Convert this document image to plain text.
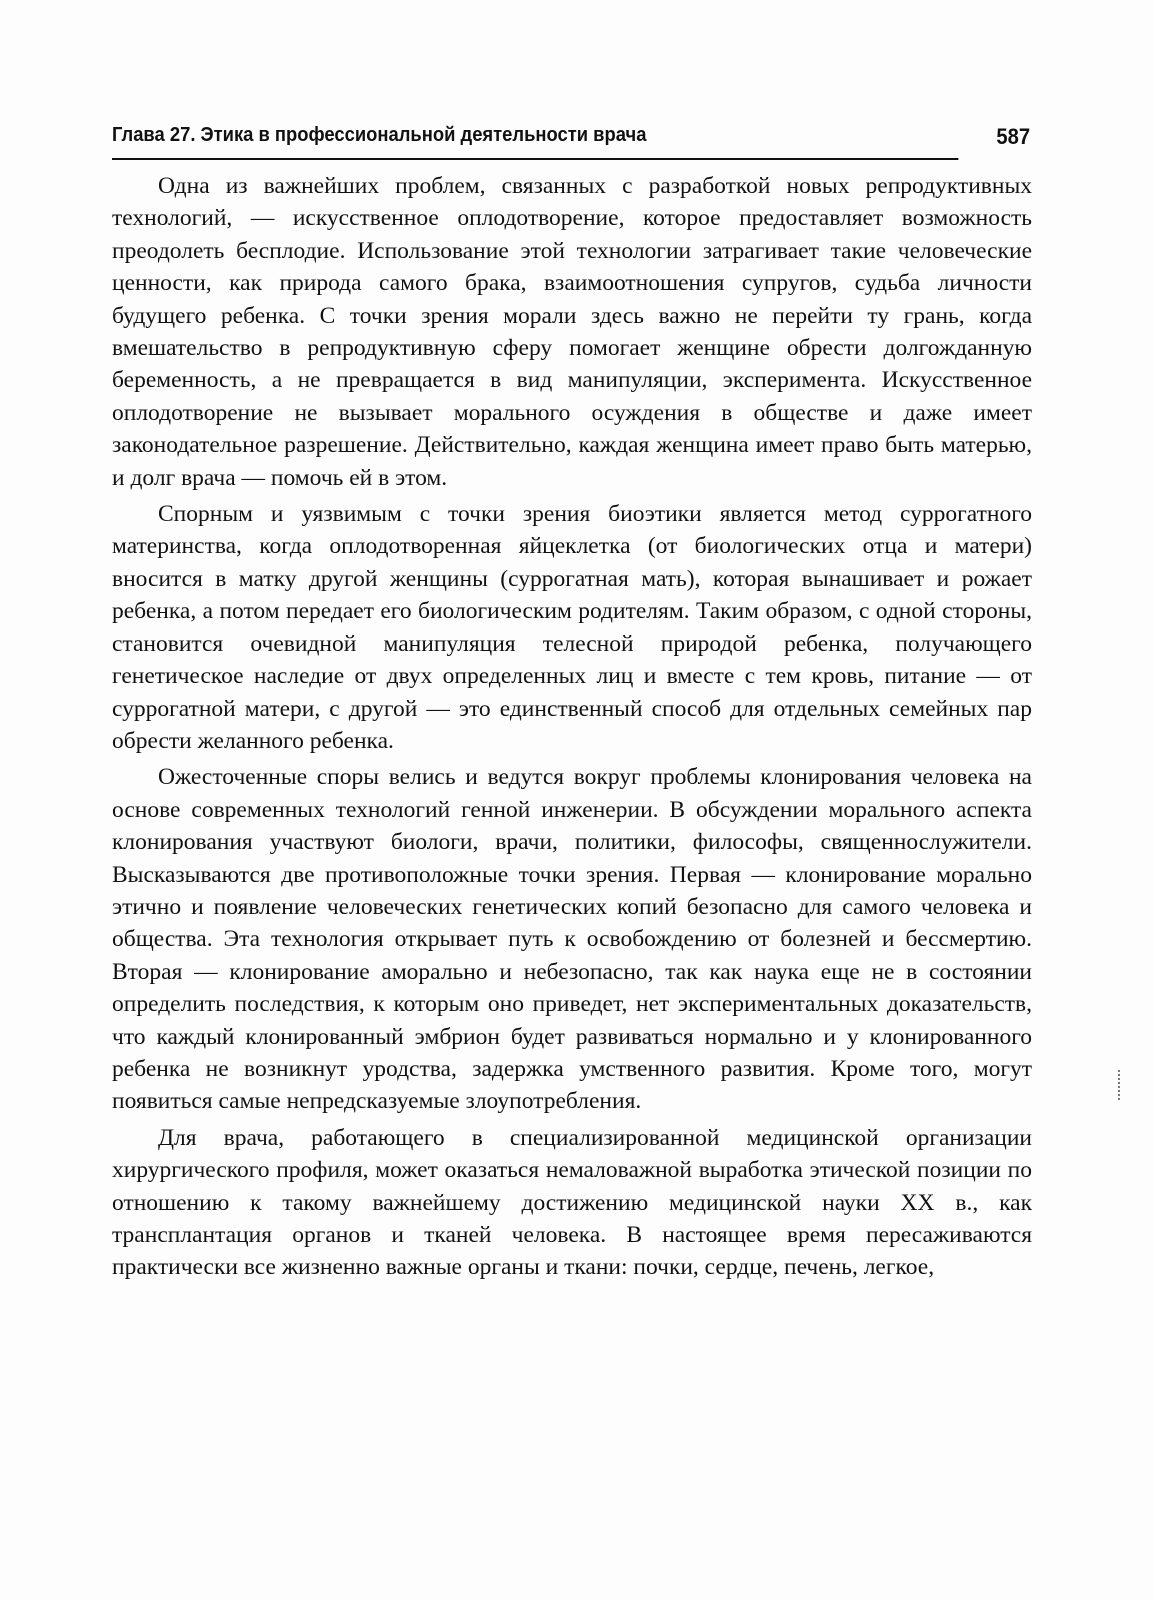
Глава 27. Этика в профессиональной деятельности врача	587

Одна из важнейших проблем, связанных с разработкой новых репродуктивных технологий, — искусственное оплодотворение, которое предоставляет возможность преодолеть бесплодие. Использование этой технологии затрагивает такие человеческие ценности, как природа самого брака, взаимоотношения супругов, судьба личности будущего ребенка. С точки зрения морали здесь важно не перейти ту грань, когда вмешательство в репродуктивную сферу помогает женщине обрести долгожданную беременность, а не превращается в вид манипуляции, эксперимента. Искусственное оплодотворение не вызывает морального осуждения в обществе и даже имеет законодательное разрешение. Действительно, каждая женщина имеет право быть матерью, и долг врача — помочь ей в этом.

Спорным и уязвимым с точки зрения биоэтики является метод суррогатного материнства, когда оплодотворенная яйцеклетка (от биологических отца и матери) вносится в матку другой женщины (суррогатная мать), которая вынашивает и рожает ребенка, а потом передает его биологическим родителям. Таким образом, с одной стороны, становится очевидной манипуляция телесной природой ребенка, получающего генетическое наследие от двух определенных лиц и вместе с тем кровь, питание — от суррогатной матери, с другой — это единственный способ для отдельных семейных пар обрести желанного ребенка.

Ожесточенные споры велись и ведутся вокруг проблемы клонирования человека на основе современных технологий генной инженерии. В обсуждении морального аспекта клонирования участвуют биологи, врачи, политики, философы, священнослужители. Высказываются две противоположные точки зрения. Первая — клонирование морально этично и появление человеческих генетических копий безопасно для самого человека и общества. Эта технология открывает путь к освобождению от болезней и бессмертию. Вторая — клонирование аморально и небезопасно, так как наука еще не в состоянии определить последствия, к которым оно приведет, нет экспериментальных доказательств, что каждый клонированный эмбрион будет развиваться нормально и у клонированного ребенка не возникнут уродства, задержка умственного развития. Кроме того, могут появиться самые непредсказуемые злоупотребления.

Для врача, работающего в специализированной медицинской организации хирургического профиля, может оказаться немаловажной выработка этической позиции по отношению к такому важнейшему достижению медицинской науки XX в., как трансплантация органов и тканей человека. В настоящее время пересаживаются практически все жизненно важные органы и ткани: почки, сердце, печень, легкое,
